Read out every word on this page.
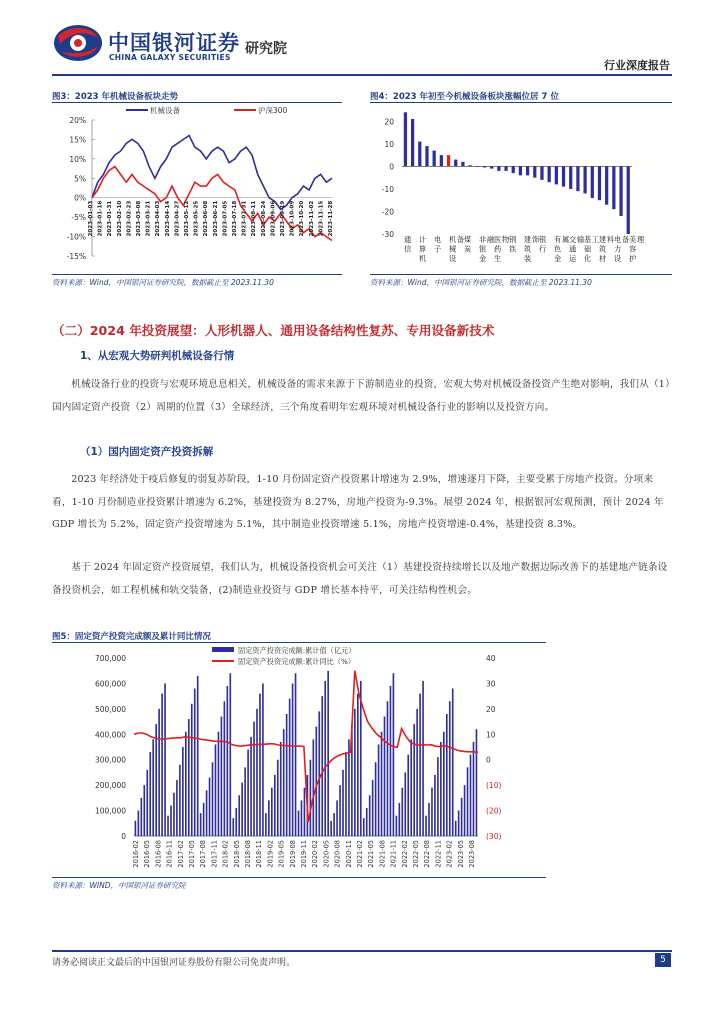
中国银河证券
CHINA GALAXY SECURITIES
研究院
行业深度报告
图3：2023 年机械设备板块走势
机械设备	沪深300
20%
15%
10%
5%
0%
-5%
-10%
-15%
2023-01-03 2023-01-16 2023-01-31 2023-02-10 2023-02-23 2023-03-08 2023-03-21 2023-04-03 2023-04-14 2023-04-27 2023-05-12 2023-05-25 2023-06-08 2023-06-21 2023-07-05 2023-07-18 2023-07-31 2023-08-11 2023-08-24 2023-09-06 2023-09-19 2023-10-09 2023-10-20 2023-11-02 2023-11-15 2023-11-28
资料来源：Wind，中国银河证券研究院，数据截止至 2023.11.30
图4：2023 年初至今机械设备板块涨幅位居 7 位
20
10
0
-10
-20
-30
通信
计算机
电子
机械设备 煤炭
非银金融 医药生物 钢铁
建筑装饰 银行
有色金属 交通运输 基础化工 建筑材料 电力设备 美容护理
资料来源：Wind，中国银河证券研究院，数据截止至 2023.11.30
（二）2024 年投资展望：人形机器人、通用设备结构性复苏、专用设备新技术
1、从宏观大势研判机械设备行情

机械设备行业的投资与宏观环境息息相关，机械设备的需求来源于下游制造业的投资，宏观大势对机械设备投资产生绝对影响，我们从（1）国内固定资产投资（2）周期的位置（3）全球经济，三个角度看明年宏观环境对机械设备行业的影响以及投资方向。

（1）国内固定资产投资拆解

2023 年经济处于疫后修复的弱复苏阶段，1-10 月份固定资产投资累计增速为 2.9%，增速逐月下降，主要受累于房地产投资。分项来看，1-10 月份制造业投资累计增速为 6.2%，基建投资为 8.27%，房地产投资为-9.3%。展望 2024 年，根据银河宏观预测，预计 2024 年 GDP 增长为 5.2%，固定资产投资增速为 5.1%，其中制造业投资增速 5.1%，房地产投资增速-0.4%，基建投资 8.3%。

基于 2024 年固定资产投资展望，我们认为，机械设备投资机会可关注（1）基建投资持续增长以及地产数据边际改善下的基建地产链条设备投资机会，如工程机械和轨交装备，(2)制造业投资与 GDP 增长基本持平，可关注结构性机会。

图5：固定资产投资完成额及累计同比情况
固定资产投资完成额:累计值（亿元）
固定资产投资完成额:累计同比（%）
700,000
600,000
500,000
400,000
300,000
200,000
100,000
0
40
30
20
10
0
(10)
(20)
(30)
2016-02 2016-05 2016-08 2016-11 2017-02 2017-05 2017-08 2017-11 2018-02 2018-05 2018-08 2018-11 2019-02 2019-05 2019-08 2019-11 2020-02 2020-05 2020-08 2020-11 2021-02 2021-05 2021-08 2021-11 2022-02 2022-05 2022-08 2022-11 2023-02 2023-05 2023-08
资料来源：WIND，中国银河证券研究院
请务必阅读正文最后的中国银河证券股份有限公司免责声明。	5
